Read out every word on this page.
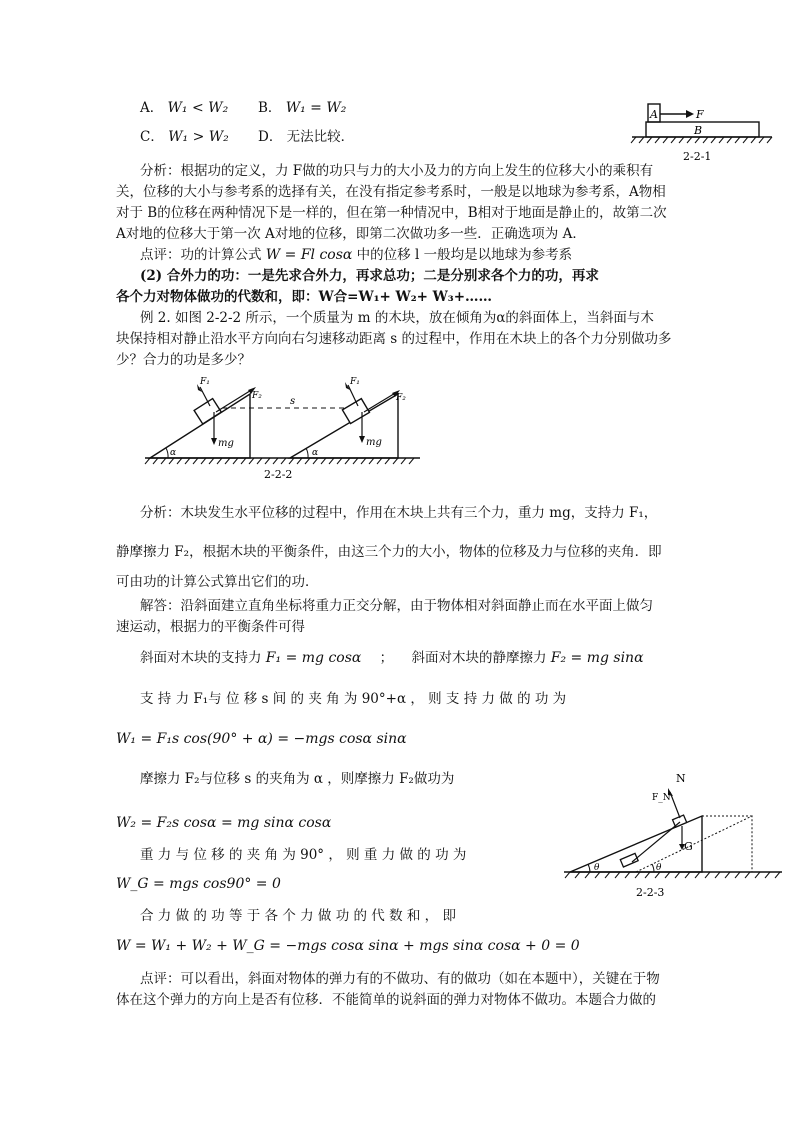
A． W₁ < W₂ B． W₁ = W₂
C． W₁ > W₂ D． 无法比较．
A	F
B
2-2-1
分析：根据功的定义，力 F做的功只与力的大小及力的方向上发生的位移大小的乘积有
关，位移的大小与参考系的选择有关，在没有指定参考系时，一般是以地球为参考系，A物相
对于 B的位移在两种情况下是一样的，但在第一种情况中，B相对于地面是静止的，故第二次
A对地的位移大于第一次 A对地的位移，即第二次做功多一些．正确选项为 A．
点评：功的计算公式 W = Fl cosα 中的位移 l 一般均是以地球为参考系
(2) 合外力的功：一是先求合外力，再求总功；二是分别求各个力的功，再求
各个力对物体做功的代数和，即：W合=W₁+ W₂+ W₃+……
例 2. 如图 2-2-2 所示，一个质量为 m 的木块，放在倾角为α的斜面体上，当斜面与木
块保持相对静止沿水平方向向右匀速移动距离 s 的过程中，作用在木块上的各个力分别做功多
少？合力的功是多少？
α
F₁
F₂
mg
s
α
F₁
F₂
mg
2-2-2
分析：木块发生水平位移的过程中，作用在木块上共有三个力，重力 mg，支持力 F₁，
静摩擦力 F₂，根据木块的平衡条件，由这三个力的大小，物体的位移及力与位移的夹角．即
可由功的计算公式算出它们的功．
解答：沿斜面建立直角坐标将重力正交分解，由于物体相对斜面静止而在水平面上做匀
速运动，根据力的平衡条件可得
斜面对木块的支持力 F₁ = mg cosα ； 斜面对木块的静摩擦力 F₂ = mg sinα
支 持 力 F₁与 位 移 s 间 的 夹 角 为 90°+α ， 则 支 持 力 做 的 功 为
W₁ = F₁s cos(90° + α) = −mgs cosα sinα
摩擦力 F₂与位移 s 的夹角为 α ，则摩擦力 F₂做功为
W₂ = F₂s cosα = mg sinα cosα
重 力 与 位 移 的 夹 角 为 90° ， 则 重 力 做 的 功 为
W_G = mgs cos90° = 0
合 力 做 的 功 等 于 各 个 力 做 功 的 代 数 和 ， 即
W = W₁ + W₂ + W_G = −mgs cosα sinα + mgs sinα cosα + 0 = 0
N
F_N
G
θ	θ
2-2-3
点评：可以看出，斜面对物体的弹力有的不做功、有的做功（如在本题中），关键在于物
体在这个弹力的方向上是否有位移．不能简单的说斜面的弹力对物体不做功。本题合力做的
